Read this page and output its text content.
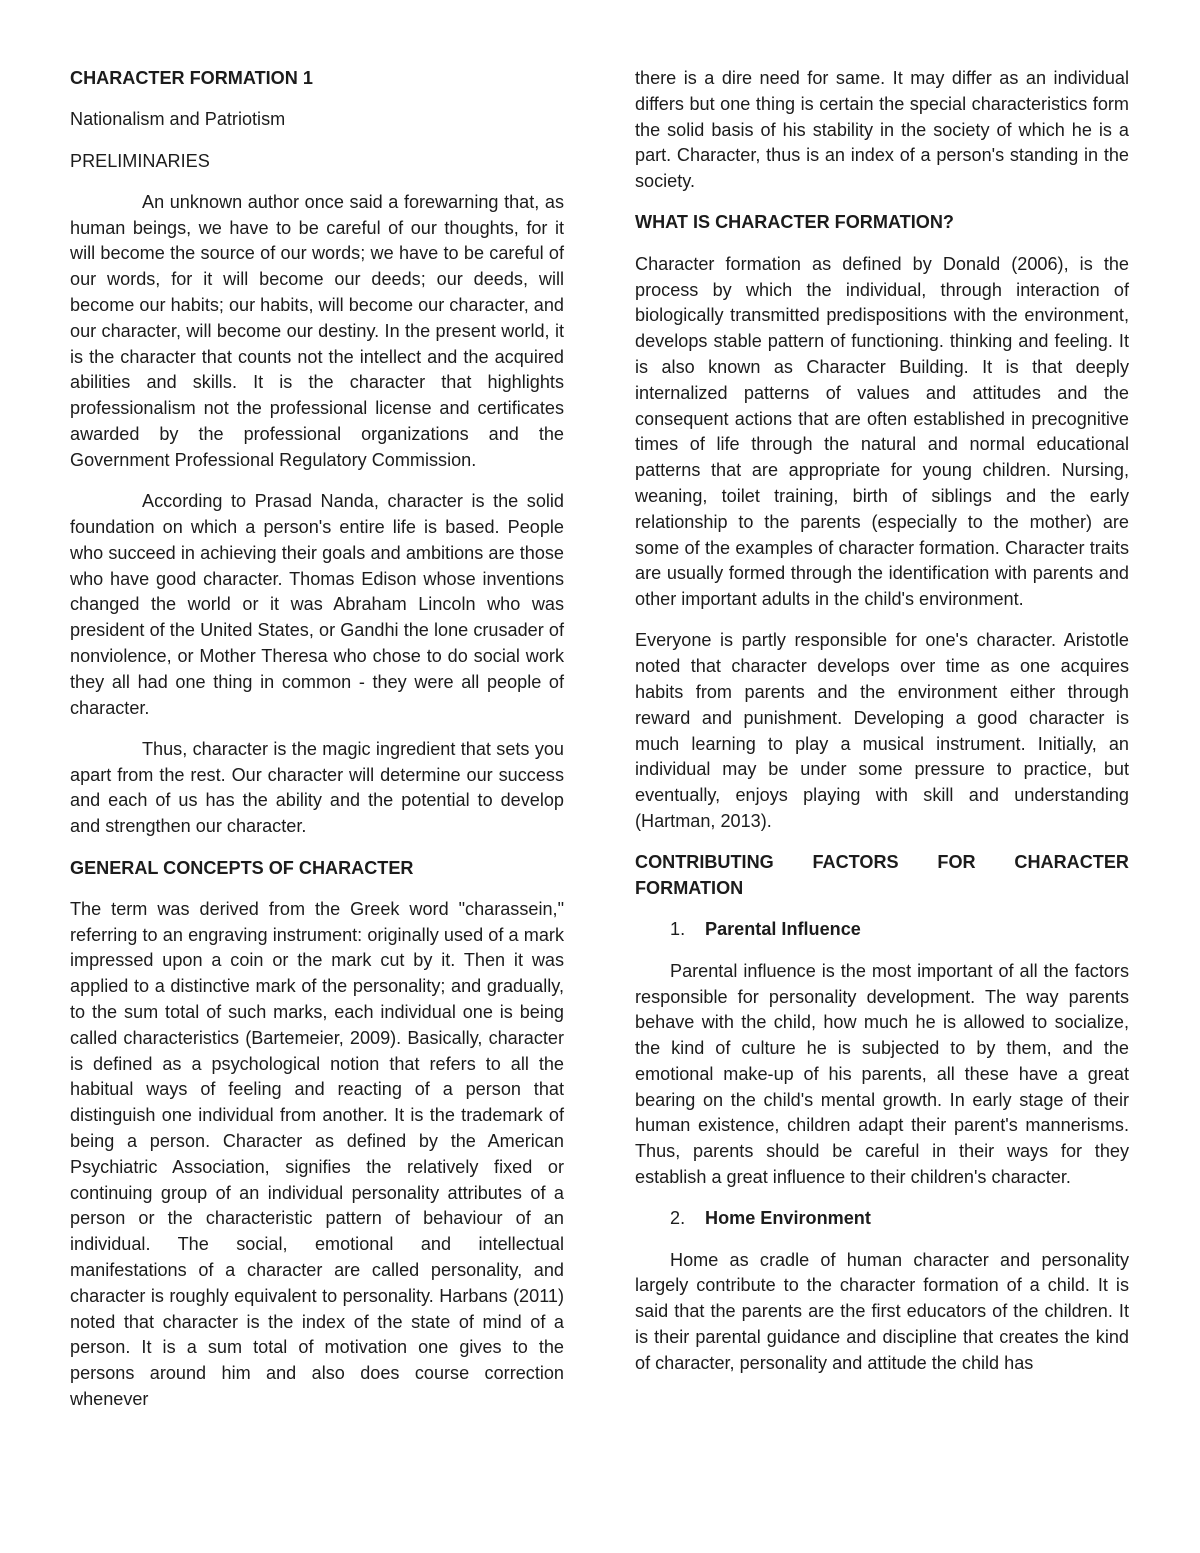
CHARACTER FORMATION 1

Nationalism and Patriotism

PRELIMINARIES

An unknown author once said a forewarning that, as human beings, we have to be careful of our thoughts, for it will become the source of our words; we have to be careful of our words, for it will become our deeds; our deeds, will become our habits; our habits, will become our character, and our character, will become our destiny. In the present world, it is the character that counts not the intellect and the acquired abilities and skills. It is the character that highlights professionalism not the professional license and certificates awarded by the professional organizations and the Government Professional Regulatory Commission.

According to Prasad Nanda, character is the solid foundation on which a person's entire life is based. People who succeed in achieving their goals and ambitions are those who have good character. Thomas Edison whose inventions changed the world or it was Abraham Lincoln who was president of the United States, or Gandhi the lone crusader of nonviolence, or Mother Theresa who chose to do social work they all had one thing in common - they were all people of character.

Thus, character is the magic ingredient that sets you apart from the rest. Our character will determine our success and each of us has the ability and the potential to develop and strengthen our character.

GENERAL CONCEPTS OF CHARACTER

The term was derived from the Greek word "charassein," referring to an engraving instrument: originally used of a mark impressed upon a coin or the mark cut by it. Then it was applied to a distinctive mark of the personality; and gradually, to the sum total of such marks, each individual one is being called characteristics (Bartemeier, 2009). Basically, character is defined as a psychological notion that refers to all the habitual ways of feeling and reacting of a person that distinguish one individual from another. It is the trademark of being a person. Character as defined by the American Psychiatric Association, signifies the relatively fixed or continuing group of an individual personality attributes of a person or the characteristic pattern of behaviour of an individual. The social, emotional and intellectual manifestations of a character are called personality, and character is roughly equivalent to personality. Harbans (2011) noted that character is the index of the state of mind of a person. It is a sum total of motivation one gives to the persons around him and also does course correction whenever

there is a dire need for same. It may differ as an individual differs but one thing is certain the special characteristics form the solid basis of his stability in the society of which he is a part. Character, thus is an index of a person's standing in the society.

WHAT IS CHARACTER FORMATION?

Character formation as defined by Donald (2006), is the process by which the individual, through interaction of biologically transmitted predispositions with the environment, develops stable pattern of functioning. thinking and feeling. It is also known as Character Building. It is that deeply internalized patterns of values and attitudes and the consequent actions that are often established in precognitive times of life through the natural and normal educational patterns that are appropriate for young children. Nursing, weaning, toilet training, birth of siblings and the early relationship to the parents (especially to the mother) are some of the examples of character formation. Character traits are usually formed through the identification with parents and other important adults in the child's environment.

Everyone is partly responsible for one's character. Aristotle noted that character develops over time as one acquires habits from parents and the environment either through reward and punishment. Developing a good character is much learning to play a musical instrument. Initially, an individual may be under some pressure to practice, but eventually, enjoys playing with skill and understanding (Hartman, 2013).

CONTRIBUTING FACTORS FOR CHARACTER FORMATION
1. Parental Influence

Parental influence is the most important of all the factors responsible for personality development. The way parents behave with the child, how much he is allowed to socialize, the kind of culture he is subjected to by them, and the emotional make-up of his parents, all these have a great bearing on the child's mental growth. In early stage of their human existence, children adapt their parent's mannerisms. Thus, parents should be careful in their ways for they establish a great influence to their children's character.

2. Home Environment

Home as cradle of human character and personality largely contribute to the character formation of a child. It is said that the parents are the first educators of the children. It is their parental guidance and discipline that creates the kind of character, personality and attitude the child has
